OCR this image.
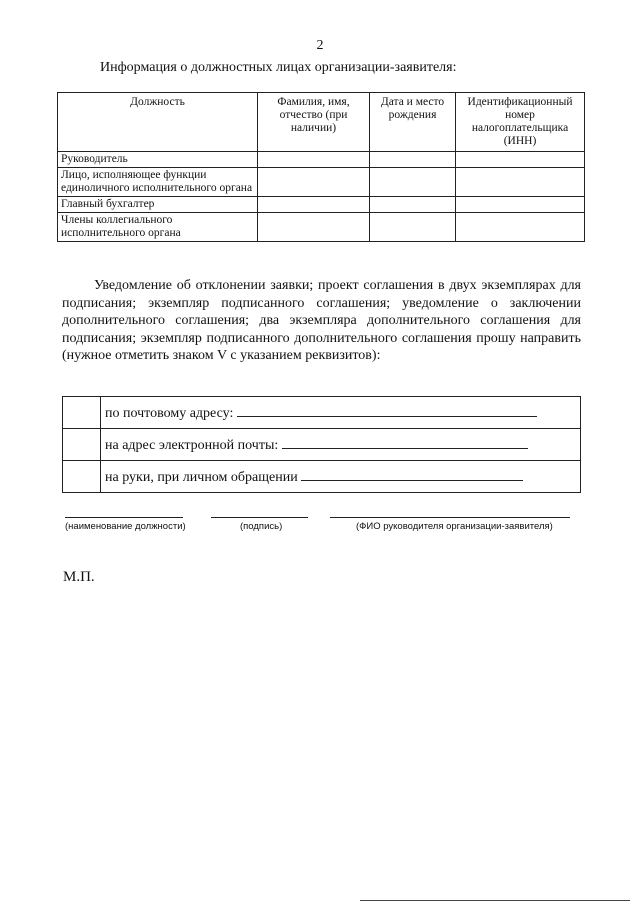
2
Информация о должностных лицах организации-заявителя:
Должность	Фамилия, имя, отчество (при наличии)	Дата и место рождения	Идентификационный номер налогоплательщика (ИНН)
Руководитель			
Лицо, исполняющее функции единоличного исполнительного органа			
Главный бухгалтер			
Члены коллегиального исполнительного органа			
Уведомление об отклонении заявки; проект соглашения в двух экземплярах для подписания; экземпляр подписанного соглашения; уведомление о заключении дополнительного соглашения; два экземпляра дополнительного соглашения для подписания; экземпляр подписанного дополнительного соглашения прошу направить (нужное отметить знаком V с указанием реквизитов):
	по почтовому адресу:
	на адрес электронной почты:
	на руки, при личном обращении
(наименование должности)	(подпись)	(ФИО руководителя организации-заявителя)
М.П.
